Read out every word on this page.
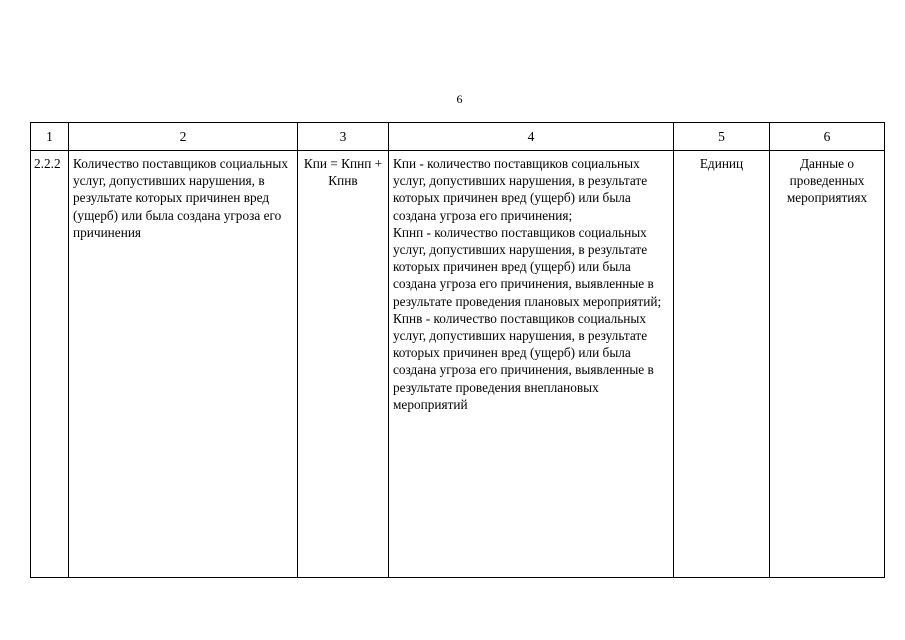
6
1	2	3	4	5	6
2.2.2	Количество поставщиков социальных услуг, допустивших нарушения, в результате которых причинен вред (ущерб) или была создана угроза его причинения	Кпи = Кпнп + Кпнв	Кпи - количество поставщиков социальных услуг, допустивших нарушения, в результате которых причинен вред (ущерб) или была создана угроза его причинения;
Кпнп - количество поставщиков социальных услуг, допустивших нарушения, в результате которых причинен вред (ущерб) или была создана угроза его причинения, выявленные в результате проведения плановых мероприятий;
Кпнв - количество поставщиков социальных услуг, допустивших нарушения, в результате которых причинен вред (ущерб) или была создана угроза его причинения, выявленные в результате проведения внеплановых мероприятий	Единиц	Данные о проведенных мероприятиях
